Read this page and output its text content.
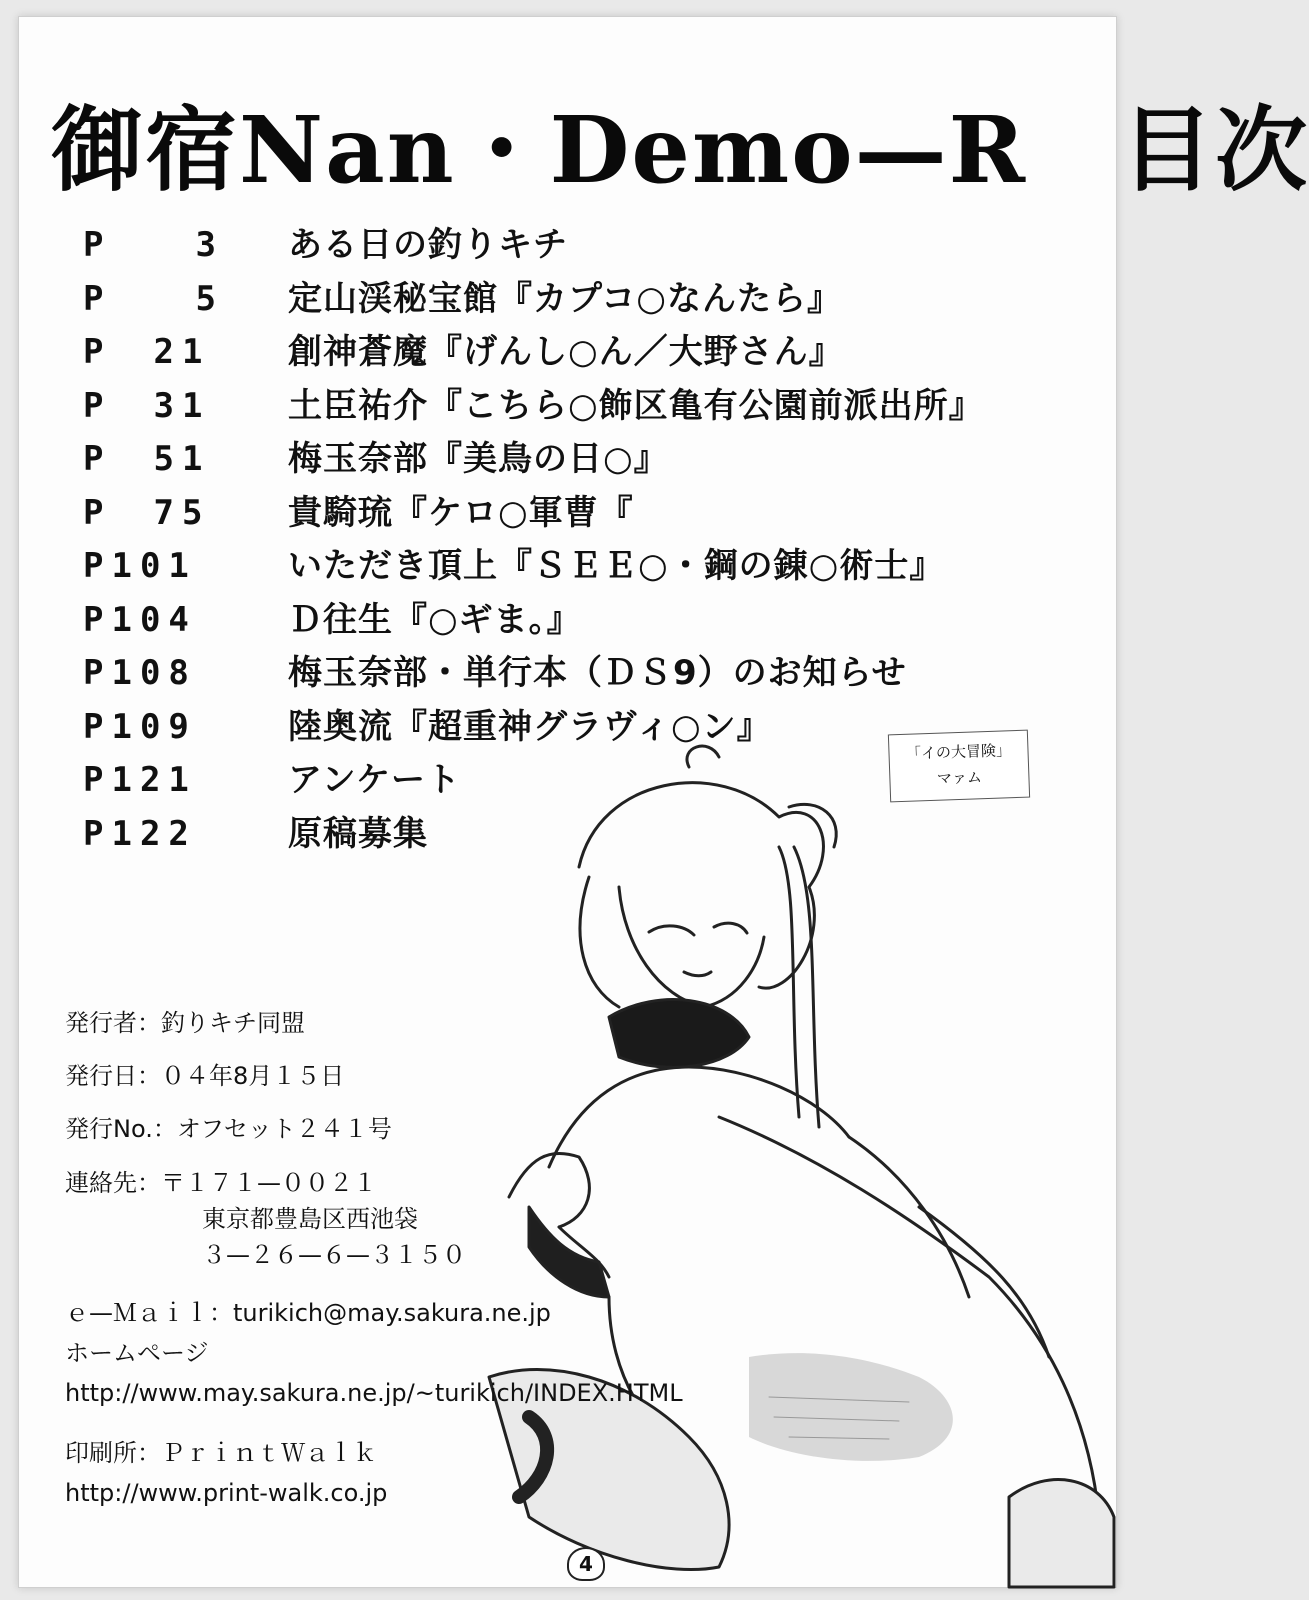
御宿Nan・Demo—R　目次
P　　3	ある日の釣りキチ
P　　5	定山渓秘宝館『カプコ○なんたら』
P　21	創神蒼魔『げんし○ん／大野さん』
P　31	土臣祐介『こちら○飾区亀有公園前派出所』
P　51	梅玉奈部『美鳥の日○』
P　75	貴騎琉『ケロ○軍曹『
P101	いただき頂上『ＳＥＥ○・鋼の錬○術士』
P104	Ｄ往生『○ギま。』
P108	梅玉奈部・単行本（ＤＳ9）のお知らせ
P109	陸奥流『超重神グラヴィ○ン』
P121	アンケート
P122	原稿募集
「イの大冒険」
マァム
発行者：釣りキチ同盟
発行日：０４年8月１５日
発行No.：オフセット２４１号
連絡先：〒１７１—００２１
東京都豊島区西池袋
３—２６—６—３１５０
ｅ—Ｍａｉｌ：turikich@may.sakura.ne.jp
ホームページ
http://www.may.sakura.ne.jp/~turikich/INDEX.HTML
印刷所：ＰｒｉｎｔＷａｌｋ
http://www.print-walk.co.jp
4
